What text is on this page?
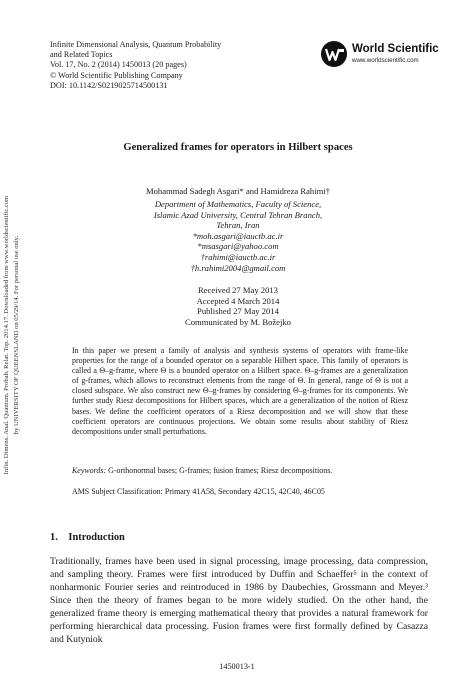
Infin. Dimens. Anal. Quantum. Probab. Relat. Top. 2014.17. Downloaded from www.worldscientific.com by UNIVERSITY OF QUEENSLAND on 05/29/14. For personal use only.
Infinite Dimensional Analysis, Quantum Probability
and Related Topics
Vol. 17, No. 2 (2014) 1450013 (20 pages)
© World Scientific Publishing Company
DOI: 10.1142/S0219025714500131
World Scientific
www.worldscientific.com
Generalized frames for operators in Hilbert spaces
Mohammad Sadegh Asgari* and Hamidreza Rahimi†
Department of Mathematics, Faculty of Science,
Islamic Azad University, Central Tehran Branch,
Tehran, Iran
*moh.asgari@iauctb.ac.ir
*msasgari@yahoo.com
†rahimi@iauctb.ac.ir
†h.rahimi2004@gmail.com
Received 27 May 2013
Accepted 4 March 2014
Published 27 May 2014
Communicated by M. Božejko
In this paper we present a family of analysis and synthesis systems of operators with frame-like properties for the range of a bounded operator on a separable Hilbert space. This family of operators is called a Θ–g-frame, where Θ is a bounded operator on a Hilbert space. Θ–g-frames are a generalization of g-frames, which allows to reconstruct elements from the range of Θ. In general, range of Θ is not a closed subspace. We also construct new Θ–g-frames by considering Θ–g-frames for its components. We further study Riesz decompositions for Hilbert spaces, which are a generalization of the notion of Riesz bases. We define the coefficient operators of a Riesz decomposition and we will show that these coefficient operators are continuous projections. We obtain some results about stability of Riesz decompositions under small perturbations.
Keywords: G-orthonormal bases; G-frames; fusion frames; Riesz decompositions.
AMS Subject Classification: Primary 41A58, Secondary 42C15, 42C40, 46C05
1. Introduction
Traditionally, frames have been used in signal processing, image processing, data compression, and sampling theory. Frames were first introduced by Duffin and Schaeffer⁵ in the context of nonharmonic Fourier series and reintroduced in 1986 by Daubechies, Grossmann and Meyer.³ Since then the theory of frames began to be more widely studied. On the other hand, the generalized frame theory is emerging mathematical theory that provides a natural framework for performing hierarchical data processing. Fusion frames were first formally defined by Casazza and Kutyniok
1450013-1
